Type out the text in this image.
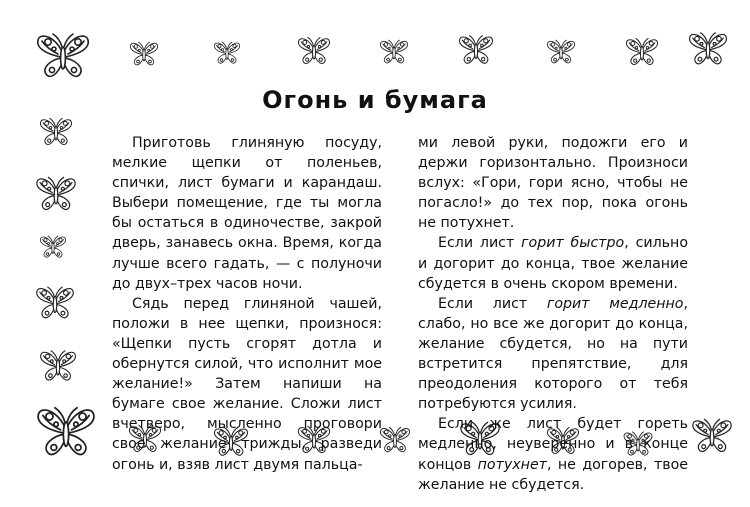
Огонь и бумага

Приготовь глиняную посуду, мелкие щепки от поленьев, спички, лист бумаги и карандаш. Выбери помещение, где ты могла бы остаться в одиночестве, закрой дверь, занавесь окна. Время, когда лучше всего гадать, — с полуночи до двух–трех часов ночи.

Сядь перед глиняной чашей, положи в нее щепки, произнося: «Щепки пусть сгорят дотла и обернутся силой, что исполнит мое желание!» Затем напиши на бумаге свое желание. Сложи лист вчетверо, мысленно проговори свое желание трижды, разведи огонь и, взяв лист двумя пальца-

ми левой руки, подожги его и держи горизонтально. Произноси вслух: «Гори, гори ясно, чтобы не погасло!» до тех пор, пока огонь не потухнет.

Если лист горит быстро, сильно и догорит до конца, твое желание сбудется в очень скором времени.

Если лист горит медленно, слабо, но все же догорит до конца, желание сбудется, но на пути встретится препятствие, для преодоления которого от тебя потребуются усилия.

Если же лист будет гореть медленно, неуверенно и в конце концов потухнет, не догорев, твое желание не сбудется.
